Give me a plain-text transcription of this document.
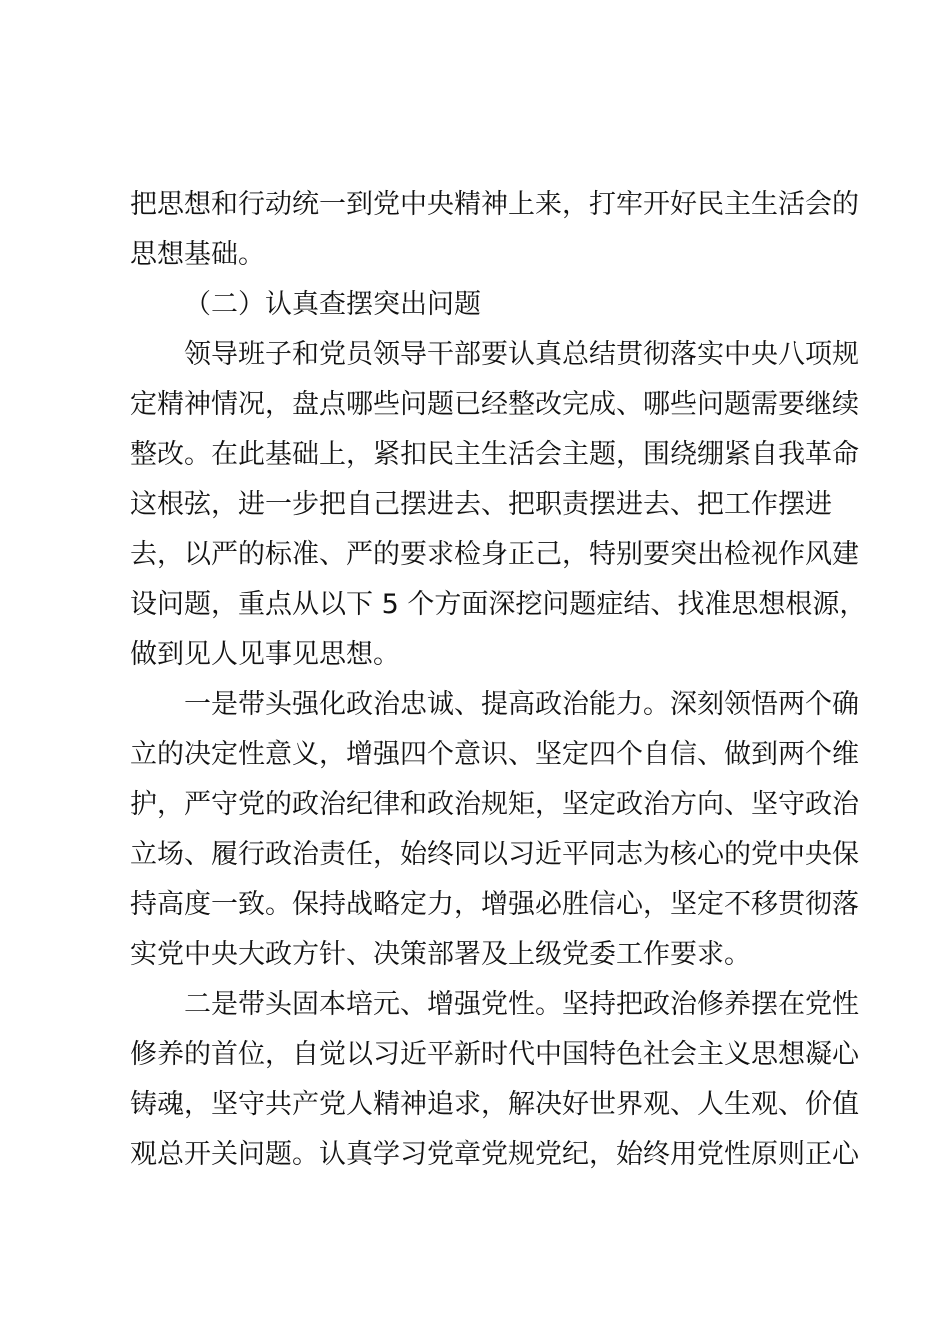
把思想和行动统一到党中央精神上来，打牢开好民主生活会的
思想基础。
（二）认真查摆突出问题
领导班子和党员领导干部要认真总结贯彻落实中央八项规
定精神情况，盘点哪些问题已经整改完成、哪些问题需要继续
整改。在此基础上，紧扣民主生活会主题，围绕绷紧自我革命
这根弦，进一步把自己摆进去、把职责摆进去、把工作摆进
去，以严的标准、严的要求检身正己，特别要突出检视作风建
设问题，重点从以下 5 个方面深挖问题症结、找准思想根源，
做到见人见事见思想。
一是带头强化政治忠诚、提高政治能力。深刻领悟两个确
立的决定性意义，增强四个意识、坚定四个自信、做到两个维
护，严守党的政治纪律和政治规矩，坚定政治方向、坚守政治
立场、履行政治责任，始终同以习近平同志为核心的党中央保
持高度一致。保持战略定力，增强必胜信心，坚定不移贯彻落
实党中央大政方针、决策部署及上级党委工作要求。
二是带头固本培元、增强党性。坚持把政治修养摆在党性
修养的首位，自觉以习近平新时代中国特色社会主义思想凝心
铸魂，坚守共产党人精神追求，解决好世界观、人生观、价值
观总开关问题。认真学习党章党规党纪，始终用党性原则正心
